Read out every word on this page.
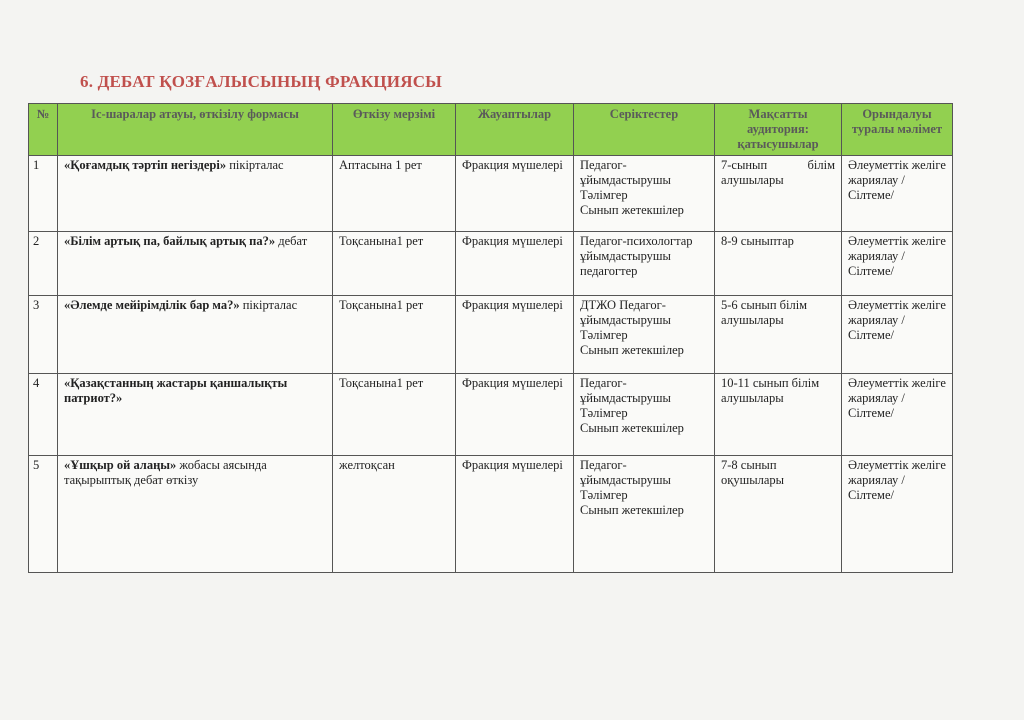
6. ДЕБАТ ҚОЗҒАЛЫСЫНЫҢ ФРАКЦИЯСЫ
№	Іс-шаралар атауы, өткізілу формасы	Өткізу мерзімі	Жауаптылар	Серіктестер	Мақсатты аудитория: қатысушылар	Орындалуы туралы мәлімет
1	«Қоғамдық тәртіп негіздері» пікірталас	Аптасына 1 рет	Фракция мүшелері	Педагог-
ұйымдастырушы
Тәлімгер
Сынып жетекшілер	7-сынып білім алушылары	Әлеуметтік желіге жариялау /Сілтеме/
2	«Білім артық па, байлық артық па?» дебат	Тоқсанына1 рет	Фракция мүшелері	Педагог-психологтар
ұйымдастырушы
педагогтер	8-9 сыныптар	Әлеуметтік желіге жариялау /Сілтеме/
3	«Әлемде мейірімділік бар ма?» пікірталас	Тоқсанына1 рет	Фракция мүшелері	ДТЖО Педагог-
ұйымдастырушы
Тәлімгер
Сынып жетекшілер	5-6 сынып білім алушылары	Әлеуметтік желіге жариялау /Сілтеме/
4	«Қазақстанның жастары қаншалықты патриот?»	Тоқсанына1 рет	Фракция мүшелері	Педагог-
ұйымдастырушы
Тәлімгер
Сынып жетекшілер	10-11 сынып білім алушылары	Әлеуметтік желіге жариялау /Сілтеме/
5	«Ұшқыр ой алаңы» жобасы аясында тақырыптық дебат өткізу	желтоқсан	Фракция мүшелері	Педагог-
ұйымдастырушы
Тәлімгер
Сынып жетекшілер	7-8 сынып оқушылары	Әлеуметтік желіге жариялау /Сілтеме/
